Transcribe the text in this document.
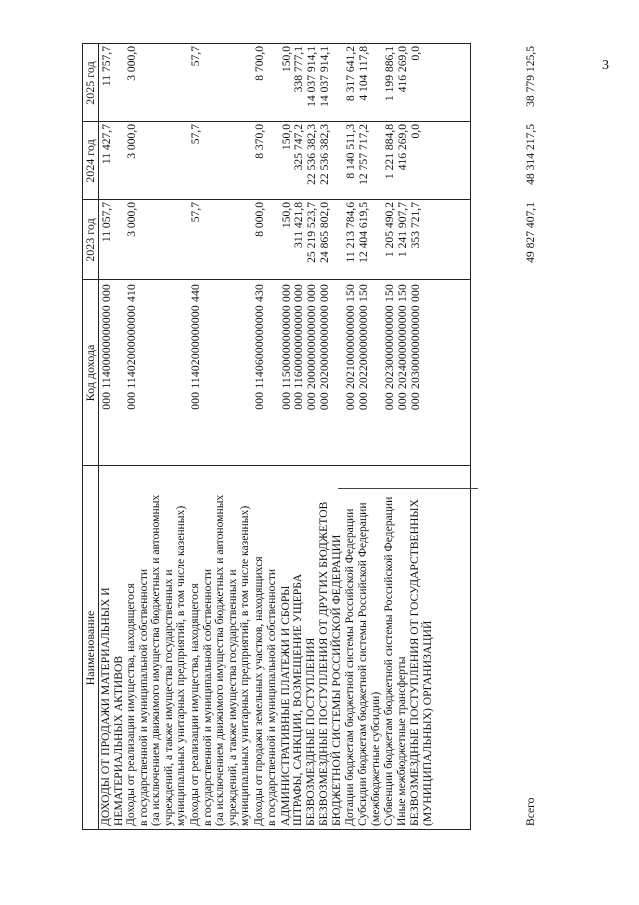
3
Наименование
Код дохода
2023 год
2024 год
2025 год
ДОХОДЫ ОТ ПРОДАЖИ МАТЕРИАЛЬНЫХ И НЕМАТЕРИАЛЬНЫХ АКТИВОВ
000 11400000000000 000
11 057,7
11 427,7
11 757,7
Доходы от реализации имущества, находящегося в государственной и муниципальной собственности (за исключением движимого имущества бюджетных и автономных учреждений, а также имущества государственных и муниципальных унитарных предприятий, в том числе казенных)
000 11402000000000 410
3 000,0
3 000,0
3 000,0
Доходы от реализации имущества, находящегося в государственной и муниципальной собственности (за исключением движимого имущества бюджетных и автономных учреждений, а также имущества государственных и муниципальных унитарных предприятий, в том числе казенных)
000 11402000000000 440
57,7
57,7
57,7
Доходы от продажи земельных участков, находящихся в государственной и муниципальной собственности
000 11406000000000 430
8 000,0
8 370,0
8 700,0
АДМИНИСТРАТИВНЫЕ ПЛАТЕЖИ И СБОРЫ
000 11500000000000 000
150,0
150,0
150,0
ШТРАФЫ, САНКЦИИ, ВОЗМЕЩЕНИЕ УЩЕРБА
000 11600000000000 000
311 421,8
325 747,2
338 777,1
БЕЗВОЗМЕЗДНЫЕ ПОСТУПЛЕНИЯ
000 20000000000000 000
25 219 523,7
22 536 382,3
14 037 914,1
БЕЗВОЗМЕЗДНЫЕ ПОСТУПЛЕНИЯ ОТ ДРУГИХ БЮДЖЕТОВ БЮДЖЕТНОЙ СИСТЕМЫ РОССИЙСКОЙ ФЕДЕРАЦИИ
000 20200000000000 000
24 865 802,0
22 536 382,3
14 037 914,1
Дотации бюджетам бюджетной системы Российской Федерации
000 20210000000000 150
11 213 784,6
8 140 511,3
8 317 641,2
Субсидии бюджетам бюджетной системы Российской Федерации (межбюджетные субсидии)
000 20220000000000 150
12 404 619,5
12 757 717,2
4 104 117,8
Субвенции бюджетам бюджетной системы Российской Федерации
000 20230000000000 150
1 205 490,2
1 221 884,8
1 199 886,1
Иные межбюджетные трансферты
000 20240000000000 150
1 241 907,7
416 269,0
416 269,0
БЕЗВОЗМЕЗДНЫЕ ПОСТУПЛЕНИЯ ОТ ГОСУДАРСТВЕННЫХ (МУНИЦИПАЛЬНЫХ) ОРГАНИЗАЦИЙ
000 20300000000000 000
353 721,7
0,0
0,0
Всего
49 827 407,1
48 314 217,5
38 779 125,5
